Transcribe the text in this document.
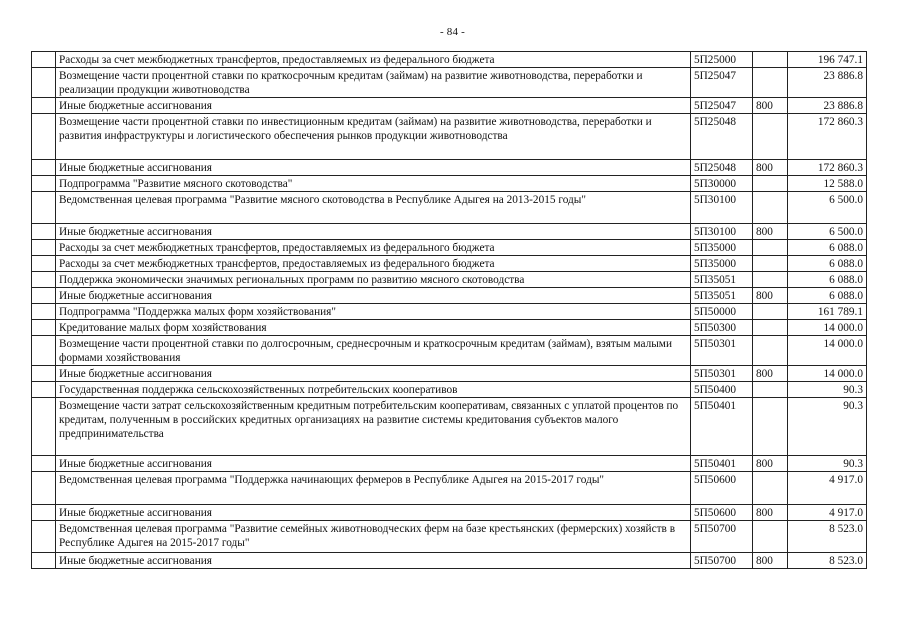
- 84 -
	Расходы за счет межбюджетных трансфертов, предоставляемых из федерального бюджета	5П25000		196 747.1
	Возмещение части процентной ставки по краткосрочным кредитам (займам) на развитие животноводства, переработки и реализации продукции животноводства	5П25047		23 886.8
	Иные бюджетные ассигнования	5П25047	800	23 886.8
	Возмещение части процентной ставки по инвестиционным кредитам (займам) на развитие животноводства, переработки и развития инфраструктуры и логистического обеспечения рынков продукции животноводства	5П25048		172 860.3
	Иные бюджетные ассигнования	5П25048	800	172 860.3
	Подпрограмма "Развитие мясного скотоводства"	5П30000		12 588.0
	Ведомственная целевая программа "Развитие мясного скотоводства в Республике Адыгея на 2013-2015 годы"	5П30100		6 500.0
	Иные бюджетные ассигнования	5П30100	800	6 500.0
	Расходы за счет межбюджетных трансфертов, предоставляемых из федерального бюджета	5П35000		6 088.0
	Расходы за счет межбюджетных трансфертов, предоставляемых из федерального бюджета	5П35000		6 088.0
	Поддержка экономически значимых региональных программ по развитию мясного скотоводства	5П35051		6 088.0
	Иные бюджетные ассигнования	5П35051	800	6 088.0
	Подпрограмма "Поддержка малых форм хозяйствования"	5П50000		161 789.1
	Кредитование малых форм хозяйствования	5П50300		14 000.0
	Возмещение части процентной ставки по долгосрочным, среднесрочным и краткосрочным кредитам (займам), взятым малыми формами хозяйствования	5П50301		14 000.0
	Иные бюджетные ассигнования	5П50301	800	14 000.0
	Государственная поддержка сельскохозяйственных потребительских кооперативов	5П50400		90.3
	Возмещение части затрат сельскохозяйственным кредитным потребительским кооперативам, связанных с уплатой процентов по кредитам, полученным в российских кредитных организациях на развитие системы кредитования субъектов малого предпринимательства	5П50401		90.3
	Иные бюджетные ассигнования	5П50401	800	90.3
	Ведомственная целевая программа "Поддержка начинающих фермеров в Республике Адыгея на 2015-2017 годы"	5П50600		4 917.0
	Иные бюджетные ассигнования	5П50600	800	4 917.0
	Ведомственная целевая программа "Развитие семейных животноводческих ферм на базе крестьянских (фермерских) хозяйств в Республике Адыгея на 2015-2017 годы"	5П50700		8 523.0
	Иные бюджетные ассигнования	5П50700	800	8 523.0
